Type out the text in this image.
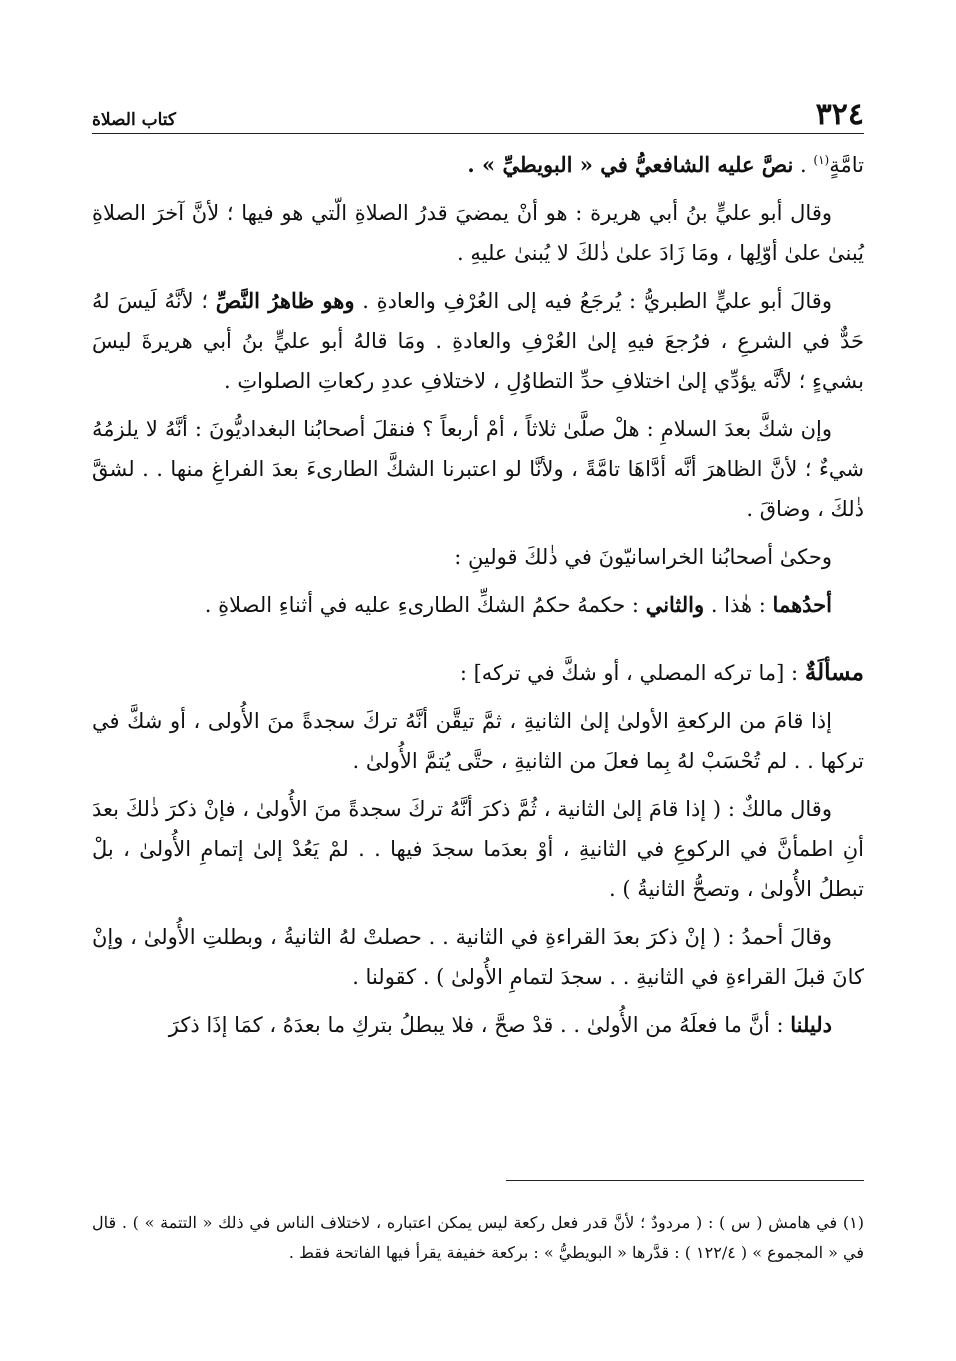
٣٢٤
كتاب الصلاة

تامَّةٍ$^{(١)}$ . نصَّ عليه الشافعيُّ في « البويطيِّ » .

وقال أبو عليٍّ بنُ أبي هريرة : هو أنْ يمضيَ قدرُ الصلاةِ الّتي هو فيها ؛ لأنَّ آخرَ الصلاةِ يُبنىٰ علىٰ أوّلِها ، ومَا زَادَ علىٰ ذٰلكَ لا يُبنىٰ عليهِ .

وقالَ أبو عليٍّ الطبريُّ : يُرجَعُ فيه إلى العُرْفِ والعادةِ . وهو ظاهرُ النَّصِّ ؛ لأنَّهُ لَيسَ لهُ حَدٌّ في الشرعِ ، فرُجعَ فيهِ إلىٰ العُرْفِ والعادةِ . ومَا قالهُ أبو عليٍّ بنُ أبي هريرةَ ليسَ بشيءٍ ؛ لأنَّه يؤدِّي إلىٰ اختلافِ حدِّ التطاوُلِ ، لاختلافِ عددِ ركعاتِ الصلواتِ .

وإن شكَّ بعدَ السلامِ : هلْ صلَّىٰ ثلاثاً ، أمْ أربعاً ؟ فنقلَ أصحابُنا البغداديُّونَ : أنَّهُ لا يلزمُهُ شيءٌ ؛ لأنَّ الظاهرَ أنَّه أدَّاهَا تامَّةً ، ولأنَّا لو اعتبرنا الشكَّ الطارىءَ بعدَ الفراغِ منها . . لشقَّ ذٰلكَ ، وضاقَ .

وحكىٰ أصحابُنا الخراسانيّونَ في ذٰلكَ قولينِ :

أحدُهما : هٰذا . والثاني : حكمهُ حكمُ الشكِّ الطارىءِ عليه في أثناءِ الصلاةِ .

مسألَةٌ : [ما تركه المصلي ، أو شكَّ في تركه] :

إذا قامَ من الركعةِ الأولىٰ إلىٰ الثانيةِ ، ثمَّ تيقَّن أنَّهُ تركَ سجدةً منَ الأُولى ، أو شكَّ في تركها . . لم تُحْسَبْ لهُ بِما فعلَ من الثانيةِ ، حتَّى يُتمَّ الأُولىٰ .

وقال مالكٌ : ( إذا قامَ إلىٰ الثانية ، ثُمَّ ذكرَ أنَّهُ تركَ سجدةً منَ الأُولىٰ ، فإنْ ذكرَ ذٰلكَ بعدَ أنِ اطمأنَّ في الركوعِ في الثانيةِ ، أوْ بعدَما سجدَ فيها . . لمْ يَعُدْ إلىٰ إتمامِ الأُولىٰ ، بلْ تبطلُ الأُولىٰ ، وتصحُّ الثانيةُ ) .

وقالَ أحمدُ : ( إنْ ذكرَ بعدَ القراءةِ في الثانية . . حصلتْ لهُ الثانيةُ ، وبطلتِ الأُولىٰ ، وإنْ كانَ قبلَ القراءةِ في الثانيةِ . . سجدَ لتمامِ الأُولىٰ ) . كقولنا .

دليلنا : أنَّ ما فعلَهُ من الأُولىٰ . . قدْ صحَّ ، فلا يبطلُ بتركِ ما بعدَهُ ، كمَا إذَا ذكرَ

(١) في هامش ( س ) : ( مردودٌ ؛ لأنَّ قدر فعل ركعة ليس يمكن اعتباره ، لاختلاف الناس في ذلك « التتمة » ) . قال في « المجموع » ( ١٢٢/٤ ) : قدَّرها « البويطيُّ » : بركعة خفيفة يقرأ فيها الفاتحة فقط .
